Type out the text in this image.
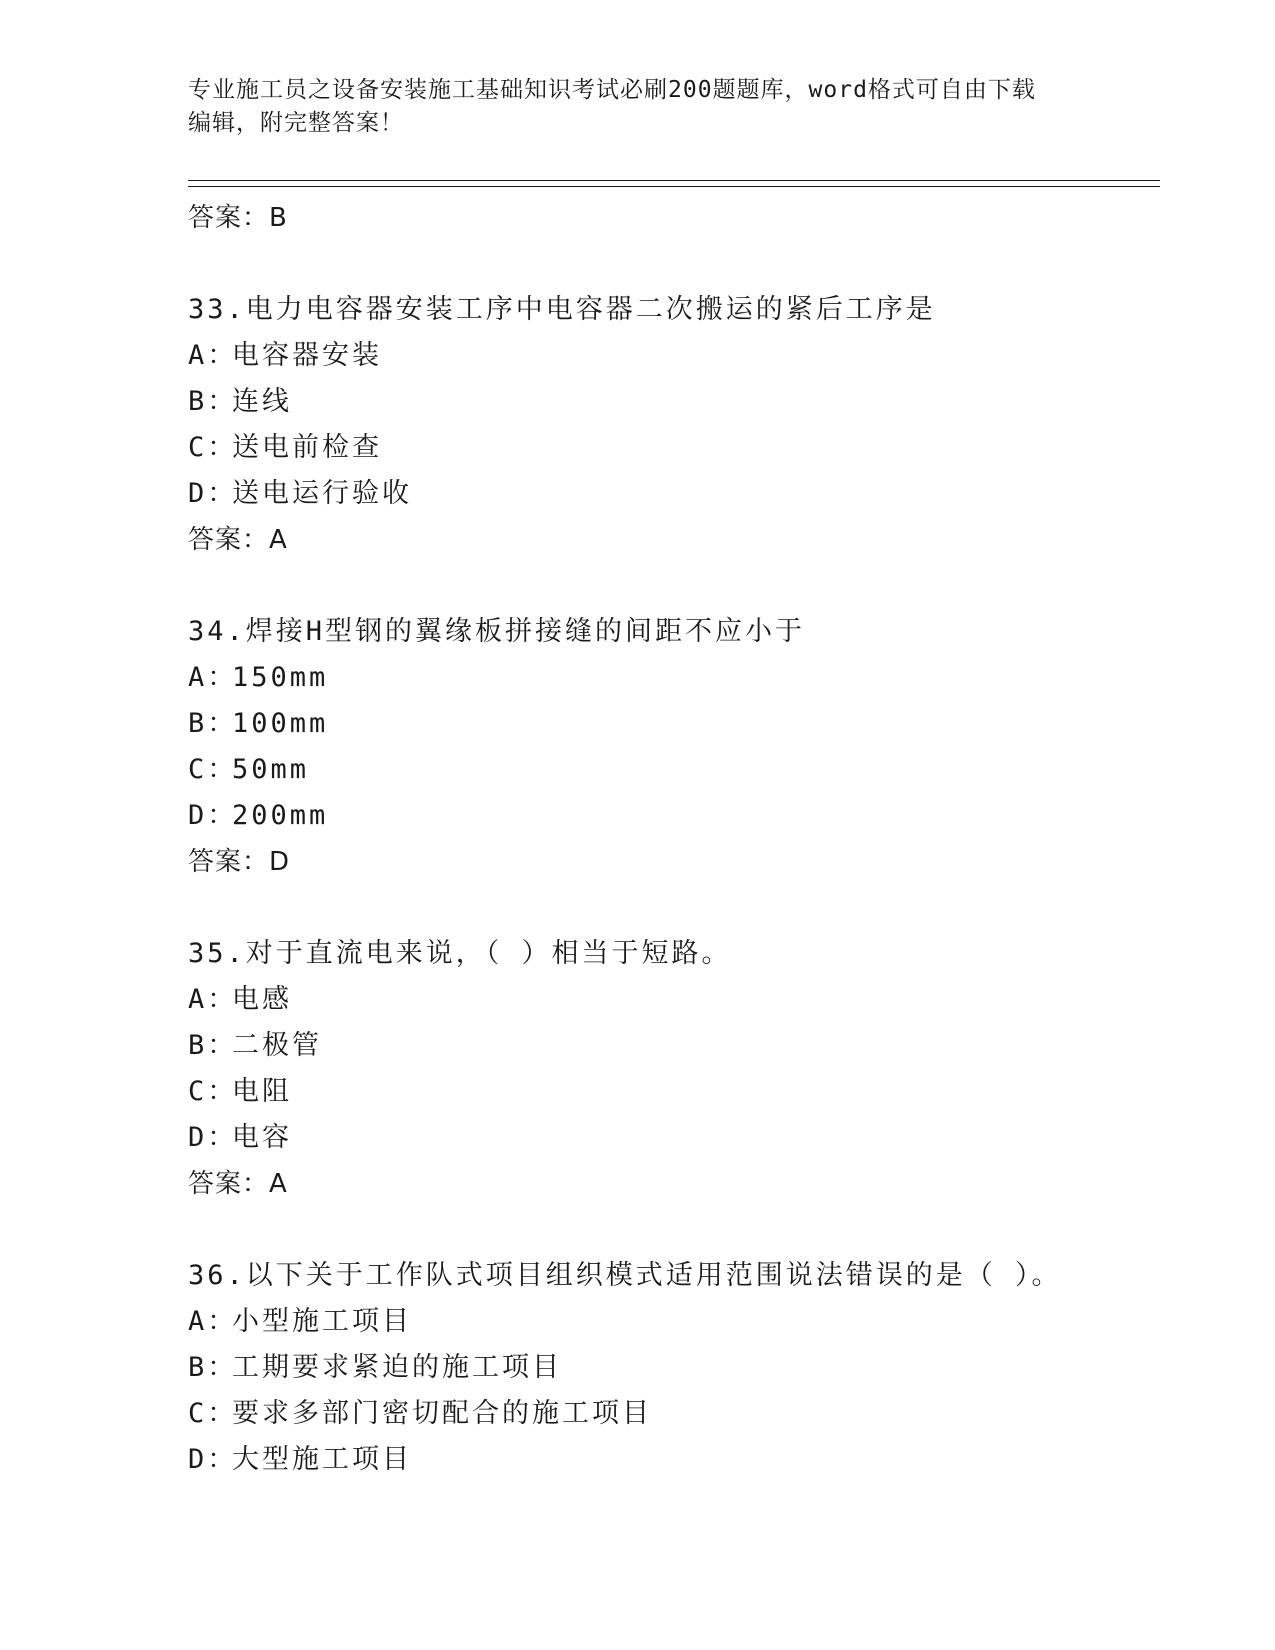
专业施工员之设备安装施工基础知识考试必刷200题题库，word格式可自由下载
编辑，附完整答案！
答案：B
33.电力电容器安装工序中电容器二次搬运的紧后工序是
A：电容器安装
B：连线
C：送电前检查
D：送电运行验收
答案：A
34.焊接H型钢的翼缘板拼接缝的间距不应小于
A：150mm
B：100mm
C：50mm
D：200mm
答案：D
35.对于直流电来说，（ ）相当于短路。
A：电感
B：二极管
C：电阻
D：电容
答案：A
36.以下关于工作队式项目组织模式适用范围说法错误的是（ ）。
A：小型施工项目
B：工期要求紧迫的施工项目
C：要求多部门密切配合的施工项目
D：大型施工项目
